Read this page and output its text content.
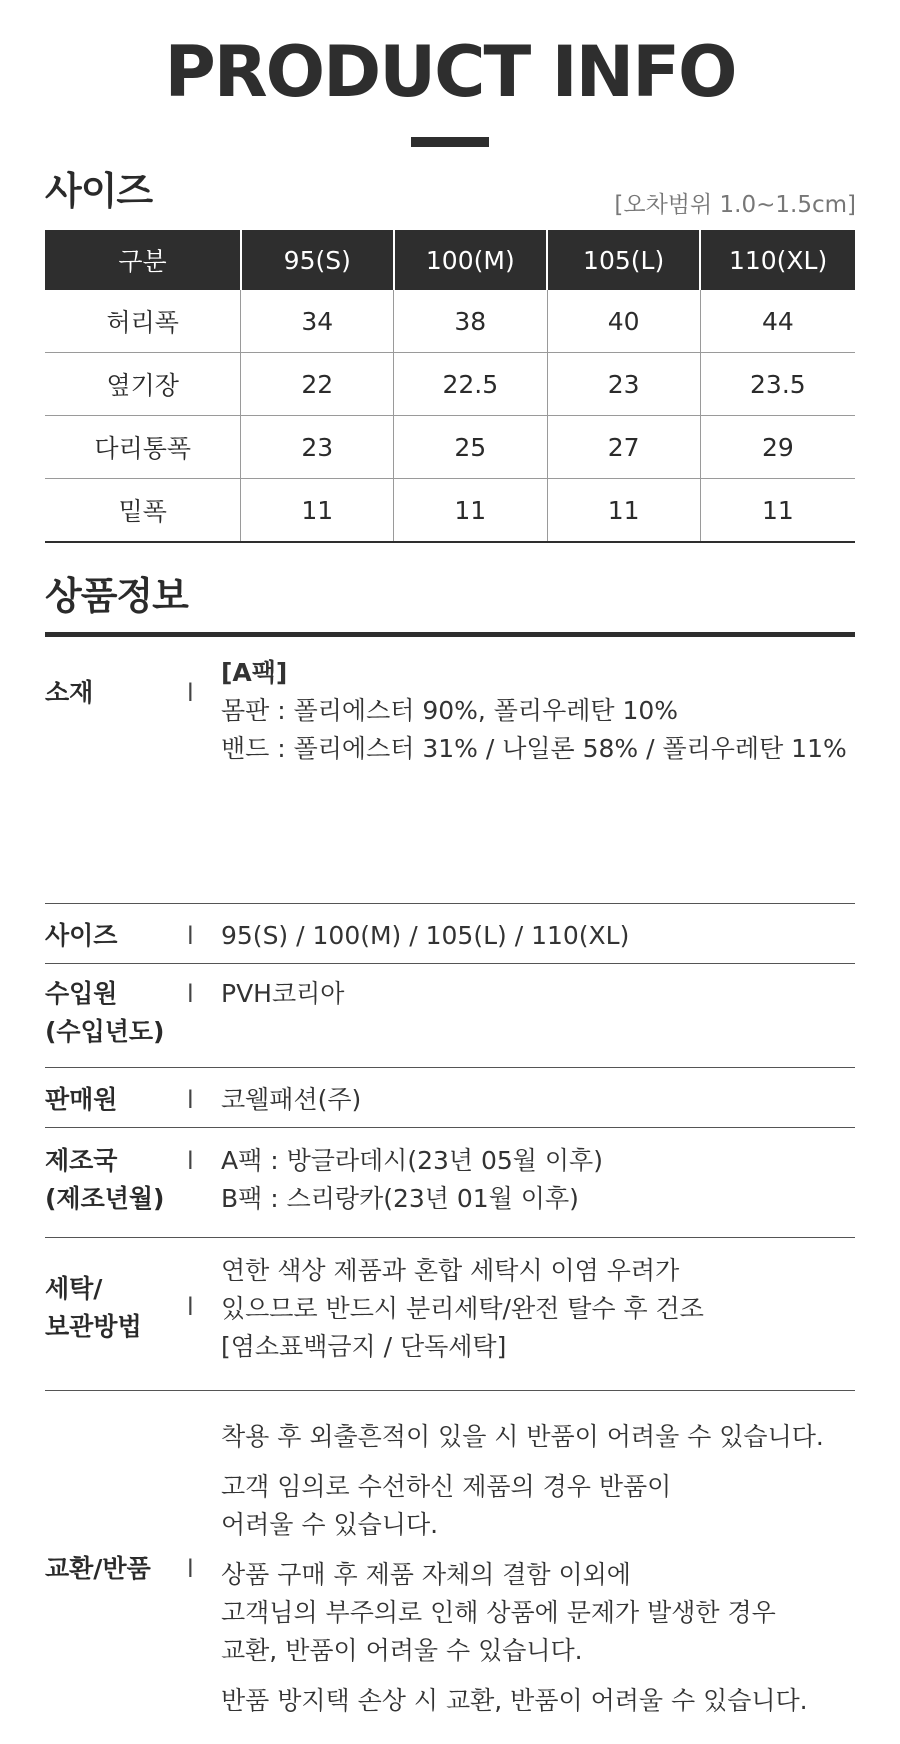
PRODUCT INFO
사이즈	[오차범위 1.0~1.5cm]
구분	95(S)	100(M)	105(L)	110(XL)
허리폭	34	38	40	44
옆기장	22	22.5	23	23.5
다리통폭	23	25	27	29
밑폭	11	11	11	11
상품정보
소재	l
[A팩]
몸판 : 폴리에스터 90%, 폴리우레탄 10%
밴드 : 폴리에스터 31% / 나일론 58% / 폴리우레탄 11%
사이즈	l 95(S) / 100(M) / 105(L) / 110(XL)
수입원
(수입년도)
l PVH코리아
판매원	l 코웰패션(주)
제조국
(제조년월)
l A팩 : 방글라데시(23년 05월 이후)
B팩 : 스리랑카(23년 01월 이후)
세탁/
보관방법
l
연한 색상 제품과 혼합 세탁시 이염 우려가
있으므로 반드시 분리세탁/완전 탈수 후 건조
[염소표백금지 / 단독세탁]
교환/반품 l
착용 후 외출흔적이 있을 시 반품이 어려울 수 있습니다.
고객 임의로 수선하신 제품의 경우 반품이
어려울 수 있습니다.
상품 구매 후 제품 자체의 결함 이외에
고객님의 부주의로 인해 상품에 문제가 발생한 경우
교환, 반품이 어려울 수 있습니다.
반품 방지택 손상 시 교환, 반품이 어려울 수 있습니다.
